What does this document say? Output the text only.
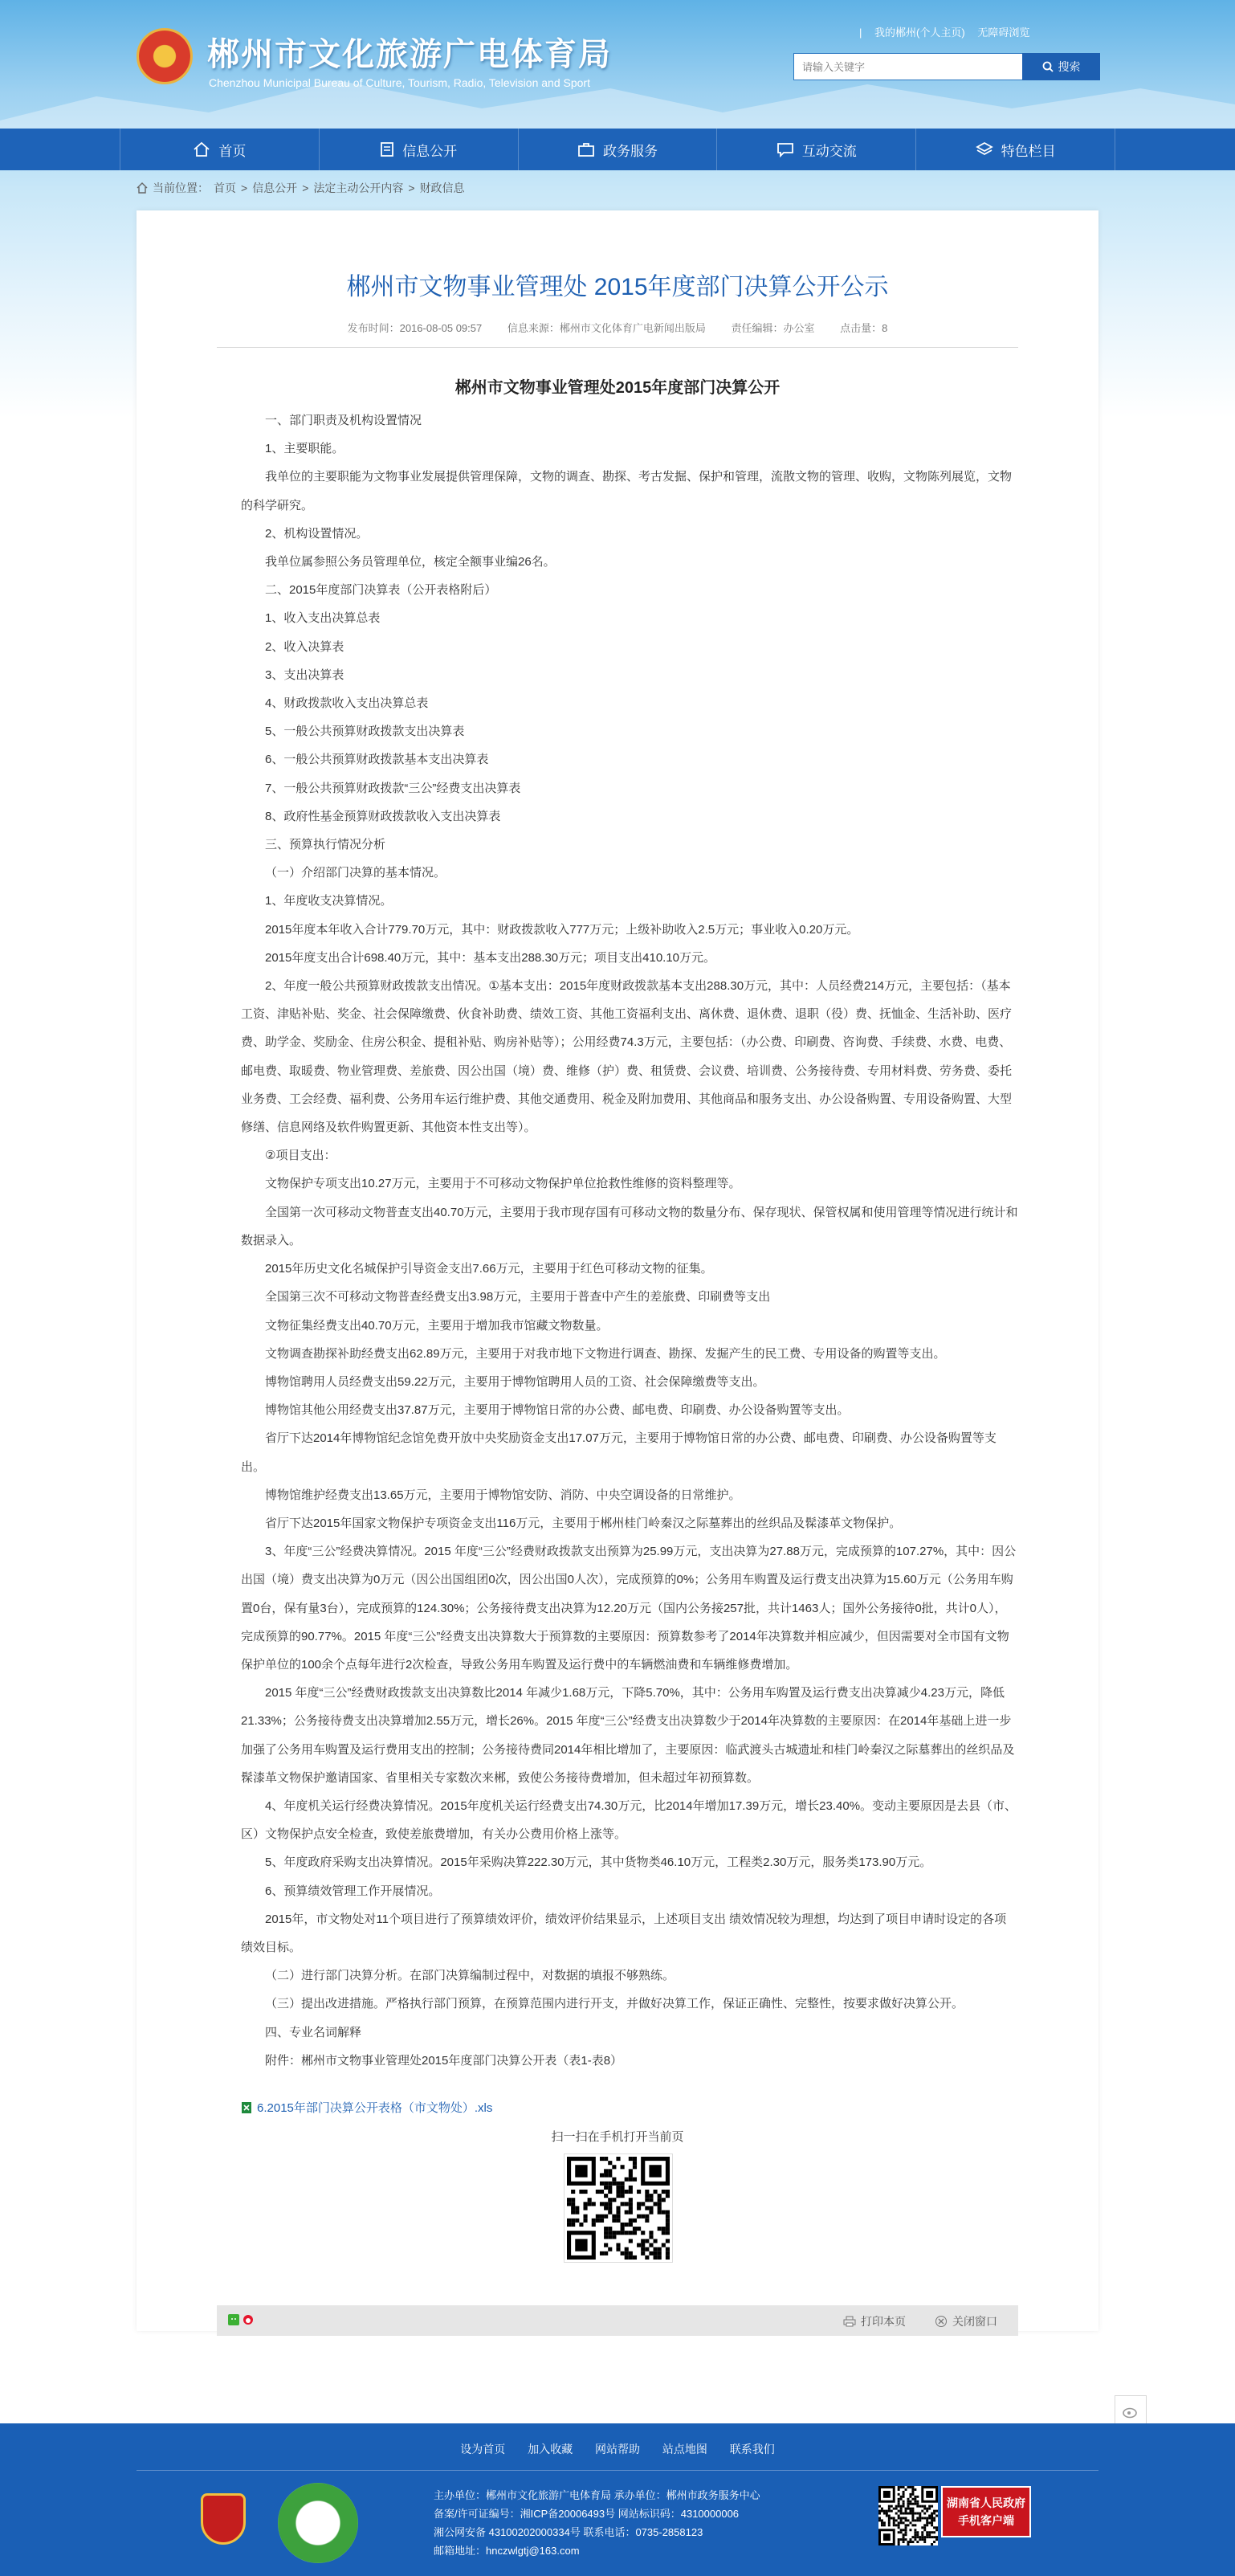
郴州市文化旅游广电体育局
Chenzhou Municipal Bureau of Culture, Tourism, Radio, Television and Sport
| 我的郴州(个人主页) 无障碍浏览
请输入关键字
搜索
首页	信息公开	政务服务	互动交流	特色栏目
当前位置： 首页 > 信息公开 > 法定主动公开内容 > 财政信息
郴州市文物事业管理处 2015年度部门决算公开公示
发布时间：2016-08-05 09:57 信息来源：郴州市文化体育广电新闻出版局 责任编辑：办公室 点击量：8
郴州市文物事业管理处2015年度部门决算公开

一、部门职责及机构设置情况

1、主要职能。

我单位的主要职能为文物事业发展提供管理保障，文物的调查、勘探、考古发掘、保护和管理，流散文物的管理、收购，文物陈列展览，文物的科学研究。

2、机构设置情况。

我单位属参照公务员管理单位，核定全额事业编26名。

二、2015年度部门决算表（公开表格附后）

1、收入支出决算总表

2、收入决算表

3、支出决算表

4、财政拨款收入支出决算总表

5、一般公共预算财政拨款支出决算表

6、一般公共预算财政拨款基本支出决算表

7、一般公共预算财政拨款“三公”经费支出决算表

8、政府性基金预算财政拨款收入支出决算表

三、预算执行情况分析

（一）介绍部门决算的基本情况。

1、年度收支决算情况。

2015年度本年收入合计779.70万元，其中：财政拨款收入777万元；上级补助收入2.5万元；事业收入0.20万元。

2015年度支出合计698.40万元，其中：基本支出288.30万元；项目支出410.10万元。

2、年度一般公共预算财政拨款支出情况。①基本支出：2015年度财政拨款基本支出288.30万元，其中：人员经费214万元，主要包括：（基本工资、津贴补贴、奖金、社会保障缴费、伙食补助费、绩效工资、其他工资福利支出、离休费、退休费、退职（役）费、抚恤金、生活补助、医疗费、助学金、奖励金、住房公积金、提租补贴、购房补贴等）；公用经费74.3万元，主要包括：（办公费、印刷费、咨询费、手续费、水费、电费、邮电费、取暖费、物业管理费、差旅费、因公出国（境）费、维修（护）费、租赁费、会议费、培训费、公务接待费、专用材料费、劳务费、委托业务费、工会经费、福利费、公务用车运行维护费、其他交通费用、税金及附加费用、其他商品和服务支出、办公设备购置、专用设备购置、大型修缮、信息网络及软件购置更新、其他资本性支出等）。

②项目支出：

文物保护专项支出10.27万元，主要用于不可移动文物保护单位抢救性维修的资料整理等。

全国第一次可移动文物普查支出40.70万元，主要用于我市现存国有可移动文物的数量分布、保存现状、保管权属和使用管理等情况进行统计和数据录入。

2015年历史文化名城保护引导资金支出7.66万元，主要用于红色可移动文物的征集。

全国第三次不可移动文物普查经费支出3.98万元，主要用于普查中产生的差旅费、印刷费等支出

文物征集经费支出40.70万元，主要用于增加我市馆藏文物数量。

文物调查勘探补助经费支出62.89万元，主要用于对我市地下文物进行调查、勘探、发掘产生的民工费、专用设备的购置等支出。

博物馆聘用人员经费支出59.22万元，主要用于博物馆聘用人员的工资、社会保障缴费等支出。

博物馆其他公用经费支出37.87万元，主要用于博物馆日常的办公费、邮电费、印刷费、办公设备购置等支出。

省厅下达2014年博物馆纪念馆免费开放中央奖励资金支出17.07万元，主要用于博物馆日常的办公费、邮电费、印刷费、办公设备购置等支出。

博物馆维护经费支出13.65万元，主要用于博物馆安防、消防、中央空调设备的日常维护。

省厅下达2015年国家文物保护专项资金支出116万元，主要用于郴州桂门岭秦汉之际墓葬出的丝织品及髹漆革文物保护。

3、年度“三公”经费决算情况。2015 年度“三公”经费财政拨款支出预算为25.99万元，支出决算为27.88万元，完成预算的107.27%，其中：因公出国（境）费支出决算为0万元（因公出国组团0次，因公出国0人次），完成预算的0%；公务用车购置及运行费支出决算为15.60万元（公务用车购置0台，保有量3台），完成预算的124.30%；公务接待费支出决算为12.20万元（国内公务接257批，共计1463人；国外公务接待0批，共计0人），完成预算的90.77%。2015 年度“三公”经费支出决算数大于预算数的主要原因：预算数参考了2014年决算数并相应减少，但因需要对全市国有文物保护单位的100余个点每年进行2次检查，导致公务用车购置及运行费中的车辆燃油费和车辆维修费增加。

2015 年度“三公”经费财政拨款支出决算数比2014 年减少1.68万元，下降5.70%，其中：公务用车购置及运行费支出决算减少4.23万元，降低21.33%；公务接待费支出决算增加2.55万元，增长26%。2015 年度“三公”经费支出决算数少于2014年决算数的主要原因：在2014年基础上进一步加强了公务用车购置及运行费用支出的控制；公务接待费同2014年相比增加了，主要原因：临武渡头古城遗址和桂门岭秦汉之际墓葬出的丝织品及髹漆革文物保护邀请国家、省里相关专家数次来郴，致使公务接待费增加，但未超过年初预算数。

4、年度机关运行经费决算情况。2015年度机关运行经费支出74.30万元，比2014年增加17.39万元，增长23.40%。变动主要原因是去县（市、区）文物保护点安全检查，致使差旅费增加，有关办公费用价格上涨等。

5、年度政府采购支出决算情况。2015年采购决算222.30万元，其中货物类46.10万元，工程类2.30万元，服务类173.90万元。

6、预算绩效管理工作开展情况。

2015年，市文物处对11个项目进行了预算绩效评价，绩效评价结果显示，上述项目支出 绩效情况较为理想，均达到了项目申请时设定的各项绩效目标。

（二）进行部门决算分析。在部门决算编制过程中，对数据的填报不够熟练。

（三）提出改进措施。严格执行部门预算，在预算范围内进行开支，并做好决算工作，保证正确性、完整性，按要求做好决算公开。

四、专业名词解释

附件：郴州市文物事业管理处2015年度部门决算公开表（表1-表8）

6.2015年部门决算公开表格（市文物处）.xls
扫一扫在手机打开当前页
打印本页	关闭窗口
设为首页 加入收藏 网站帮助 站点地图 联系我们
主办单位：郴州市文化旅游广电体育局 承办单位：郴州市政务服务中心
备案/许可证编号：湘ICP备20006493号 网站标识码：4310000006
湘公网安备 43100202000334号 联系电话：0735-2858123
邮箱地址：hnczwlgtj@163.com
湖南省人民政府
手机客户端
